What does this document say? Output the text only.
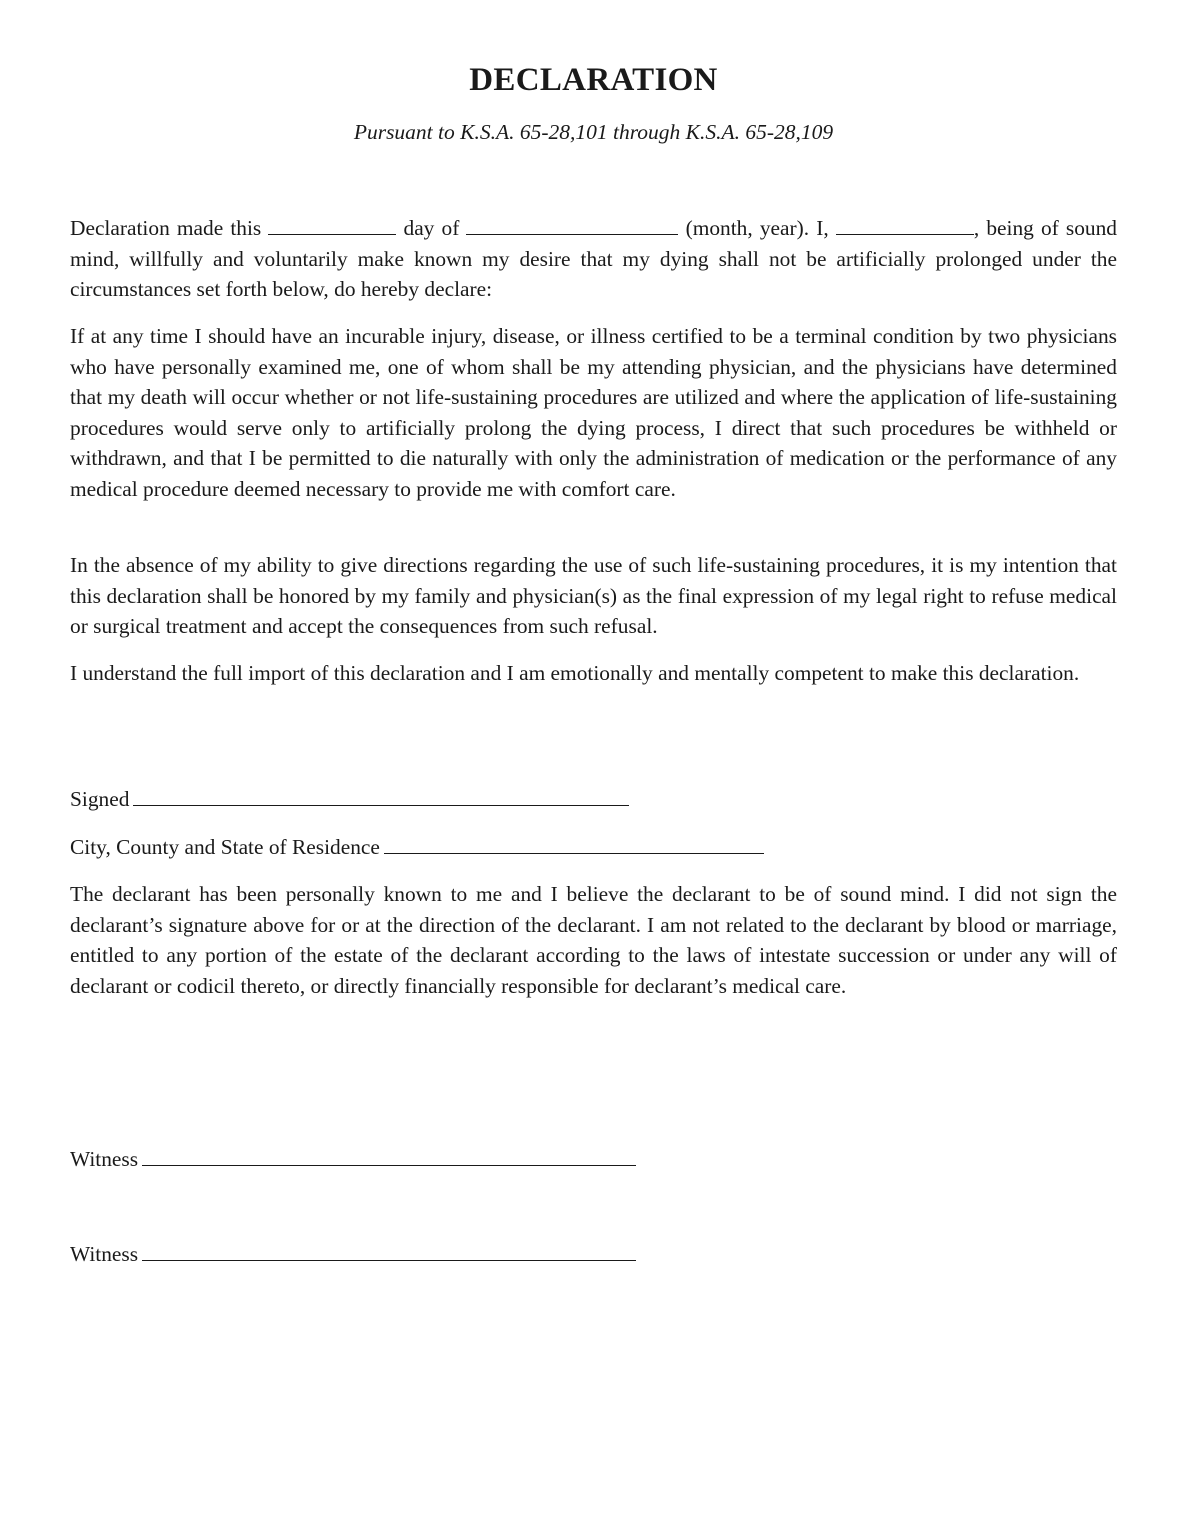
DECLARATION

Pursuant to K.S.A. 65-28,101 through K.S.A. 65-28,109

Declaration made this	day of	(month, year). I,	, being of sound mind, willfully and voluntarily make known my desire that my dying shall not be artificially prolonged under the circumstances set forth below, do hereby declare:

If at any time I should have an incurable injury, disease, or illness certified to be a terminal condition by two physicians who have personally examined me, one of whom shall be my attending physician, and the physicians have determined that my death will occur whether or not life-sustaining procedures are utilized and where the application of life-sustaining procedures would serve only to artificially prolong the dying process, I direct that such procedures be withheld or withdrawn, and that I be permitted to die naturally with only the administration of medication or the performance of any medical procedure deemed necessary to provide me with comfort care.

In the absence of my ability to give directions regarding the use of such life-sustaining procedures, it is my intention that this declaration shall be honored by my family and physician(s) as the final expression of my legal right to refuse medical or surgical treatment and accept the consequences from such refusal.

I understand the full import of this declaration and I am emotionally and mentally competent to make this declaration.

Signed
City, County and State of Residence

The declarant has been personally known to me and I believe the declarant to be of sound mind. I did not sign the declarant’s signature above for or at the direction of the declarant. I am not related to the declarant by blood or marriage, entitled to any portion of the estate of the declarant according to the laws of intestate succession or under any will of declarant or codicil thereto, or directly financially responsible for declarant’s medical care.

Witness
Witness
